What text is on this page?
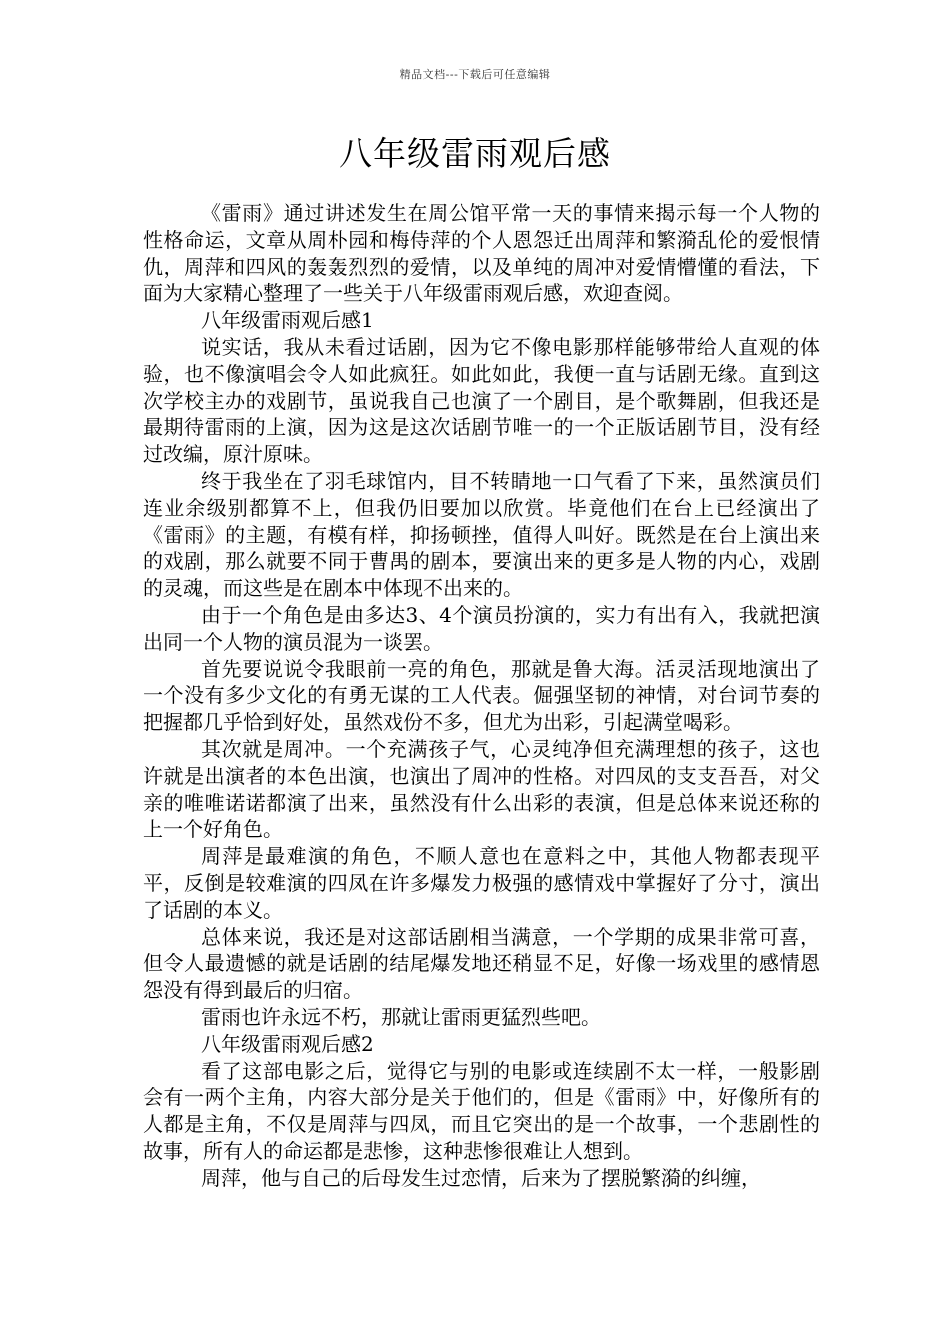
精品文档---下载后可任意编辑
八年级雷雨观后感

《雷雨》通过讲述发生在周公馆平常一天的事情来揭示每一个人物的性格命运，文章从周朴园和梅侍萍的个人恩怨迁出周萍和繁漪乱伦的爱恨情仇，周萍和四风的轰轰烈烈的爱情，以及单纯的周冲对爱情懵懂的看法，下面为大家精心整理了一些关于八年级雷雨观后感，欢迎查阅。

八年级雷雨观后感1

说实话，我从未看过话剧，因为它不像电影那样能够带给人直观的体验，也不像演唱会令人如此疯狂。如此如此，我便一直与话剧无缘。直到这次学校主办的戏剧节，虽说我自己也演了一个剧目，是个歌舞剧，但我还是最期待雷雨的上演，因为这是这次话剧节唯一的一个正版话剧节目，没有经过改编，原汁原味。

终于我坐在了羽毛球馆内，目不转睛地一口气看了下来，虽然演员们连业余级别都算不上，但我仍旧要加以欣赏。毕竟他们在台上已经演出了《雷雨》的主题，有模有样，抑扬顿挫，值得人叫好。既然是在台上演出来的戏剧，那么就要不同于曹禺的剧本，要演出来的更多是人物的内心，戏剧的灵魂，而这些是在剧本中体现不出来的。

由于一个角色是由多达3、4个演员扮演的，实力有出有入，我就把演出同一个人物的演员混为一谈罢。

首先要说说令我眼前一亮的角色，那就是鲁大海。活灵活现地演出了一个没有多少文化的有勇无谋的工人代表。倔强坚韧的神情，对台词节奏的把握都几乎恰到好处，虽然戏份不多，但尤为出彩，引起满堂喝彩。

其次就是周冲。一个充满孩子气，心灵纯净但充满理想的孩子，这也许就是出演者的本色出演，也演出了周冲的性格。对四凤的支支吾吾，对父亲的唯唯诺诺都演了出来，虽然没有什么出彩的表演，但是总体来说还称的上一个好角色。

周萍是最难演的角色，不顺人意也在意料之中，其他人物都表现平平，反倒是较难演的四凤在许多爆发力极强的感情戏中掌握好了分寸，演出了话剧的本义。

总体来说，我还是对这部话剧相当满意，一个学期的成果非常可喜，但令人最遗憾的就是话剧的结尾爆发地还稍显不足，好像一场戏里的感情恩怨没有得到最后的归宿。

雷雨也许永远不朽，那就让雷雨更猛烈些吧。

八年级雷雨观后感2

看了这部电影之后，觉得它与别的电影或连续剧不太一样，一般影剧会有一两个主角，内容大部分是关于他们的，但是《雷雨》中，好像所有的人都是主角，不仅是周萍与四凤，而且它突出的是一个故事，一个悲剧性的故事，所有人的命运都是悲惨，这种悲惨很难让人想到。

周萍，他与自己的后母发生过恋情，后来为了摆脱繁漪的纠缠，
